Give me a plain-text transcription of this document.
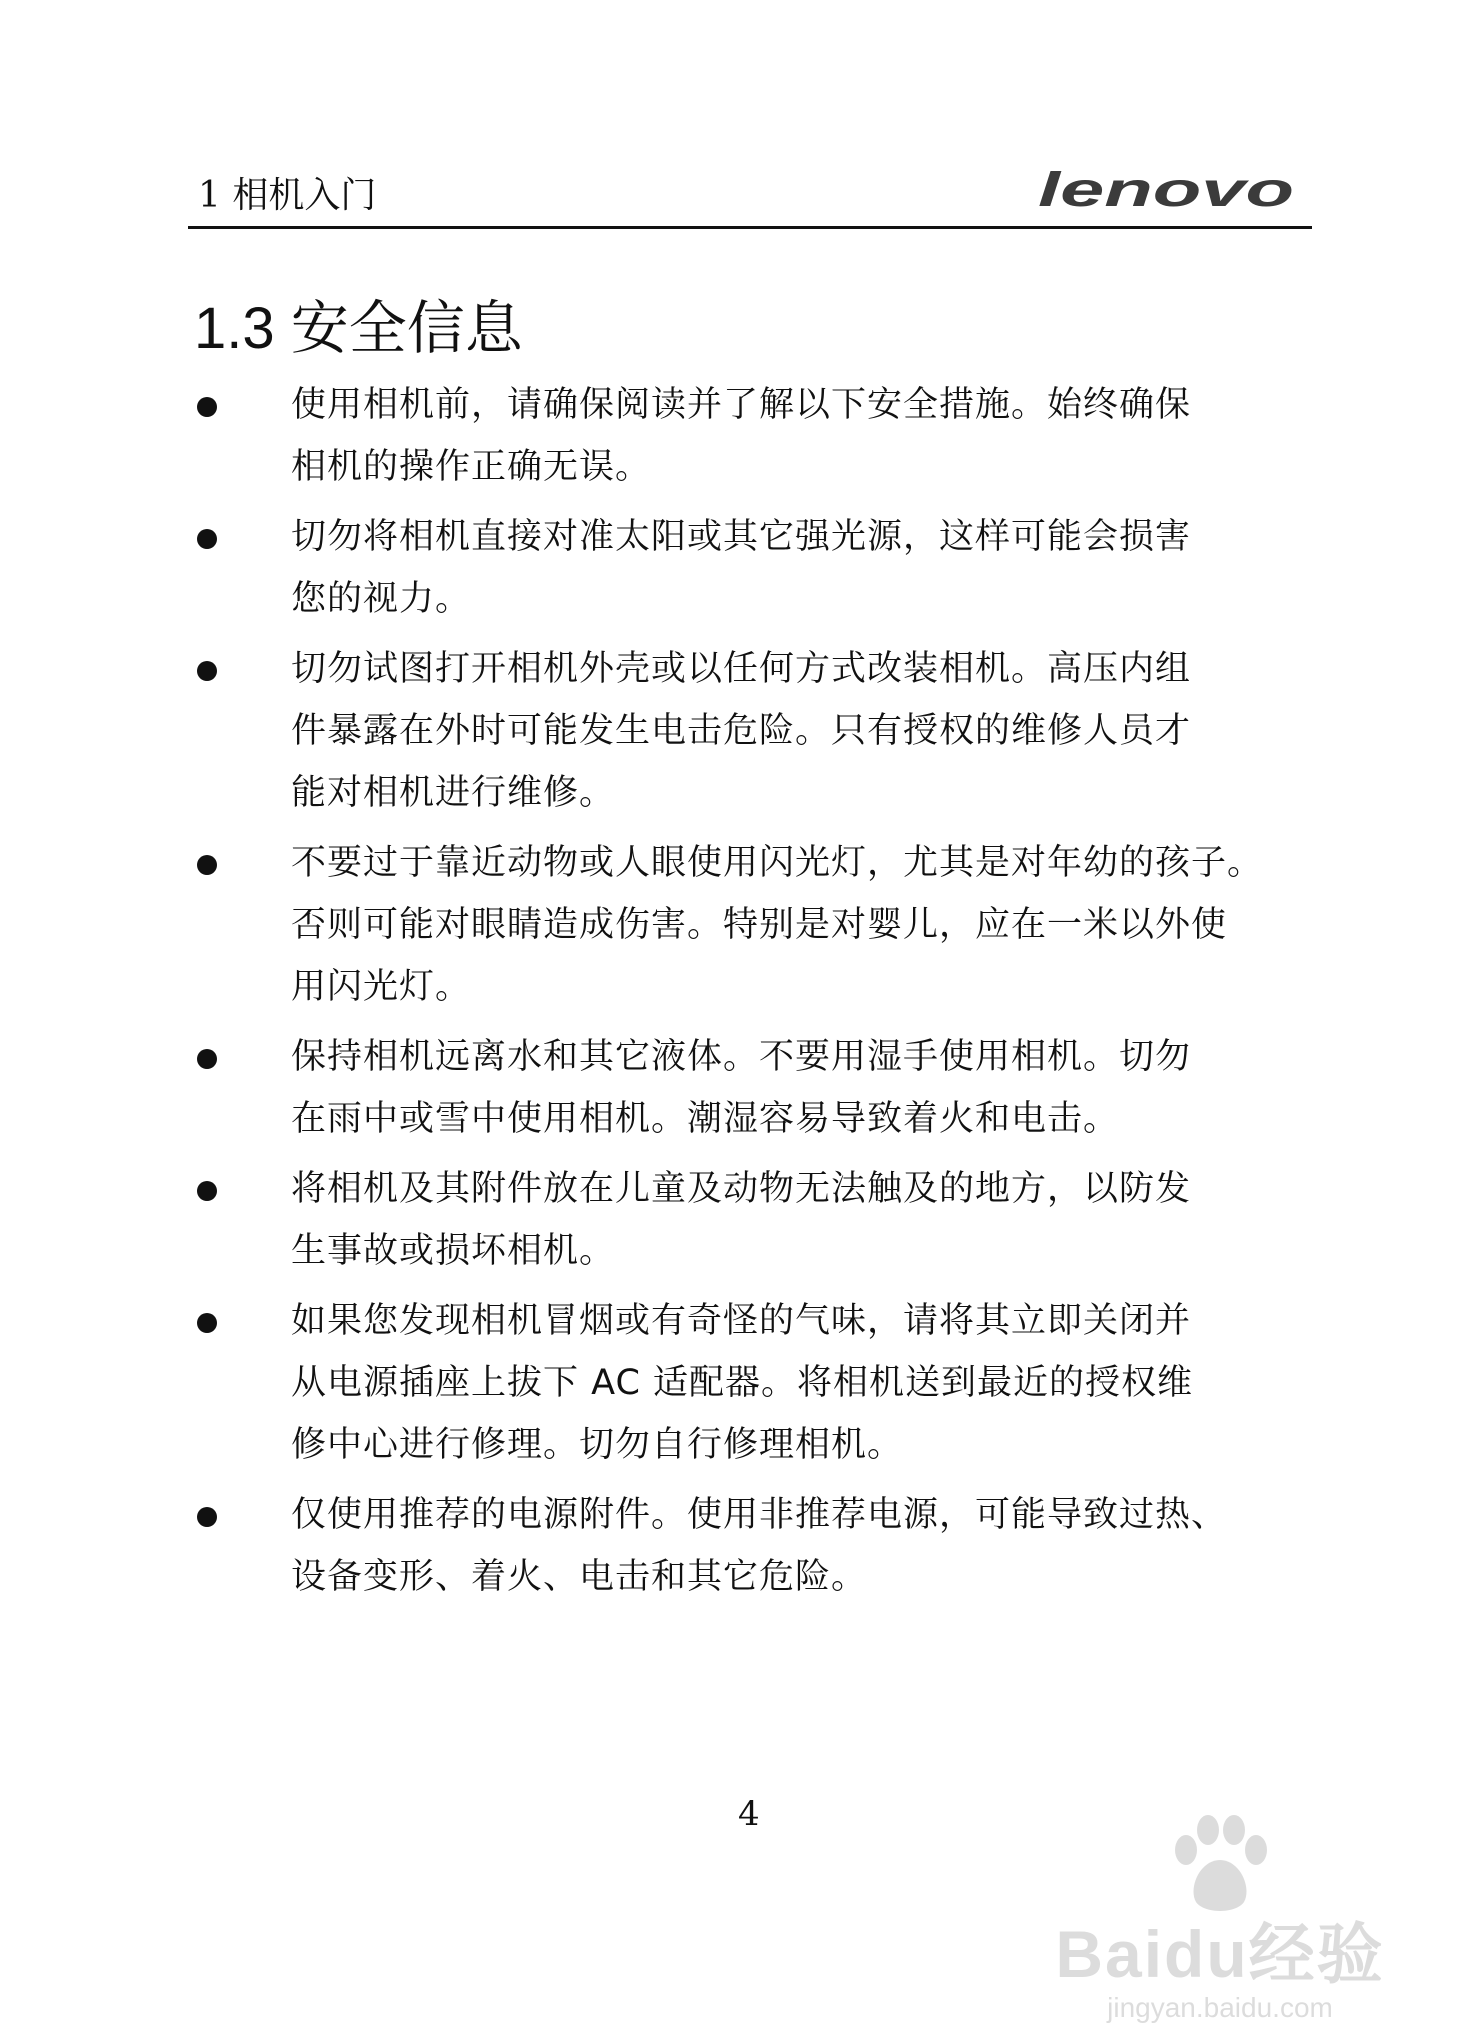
1 相机入门	lenovo
1.3 安全信息
使用相机前，请确保阅读并了解以下安全措施。始终确保
相机的操作正确无误。
切勿将相机直接对准太阳或其它强光源，这样可能会损害
您的视力。
切勿试图打开相机外壳或以任何方式改装相机。高压内组
件暴露在外时可能发生电击危险。只有授权的维修人员才
能对相机进行维修。
不要过于靠近动物或人眼使用闪光灯，尤其是对年幼的孩子。
否则可能对眼睛造成伤害。特别是对婴儿，应在一米以外使
用闪光灯。
保持相机远离水和其它液体。不要用湿手使用相机。切勿
在雨中或雪中使用相机。潮湿容易导致着火和电击。
将相机及其附件放在儿童及动物无法触及的地方，以防发
生事故或损坏相机。
如果您发现相机冒烟或有奇怪的气味，请将其立即关闭并
从电源插座上拔下 AC 适配器。将相机送到最近的授权维
修中心进行修理。切勿自行修理相机。
仅使用推荐的电源附件。使用非推荐电源，可能导致过热、
设备变形、着火、电击和其它危险。
4
Baidu经验
jingyan.baidu.com
